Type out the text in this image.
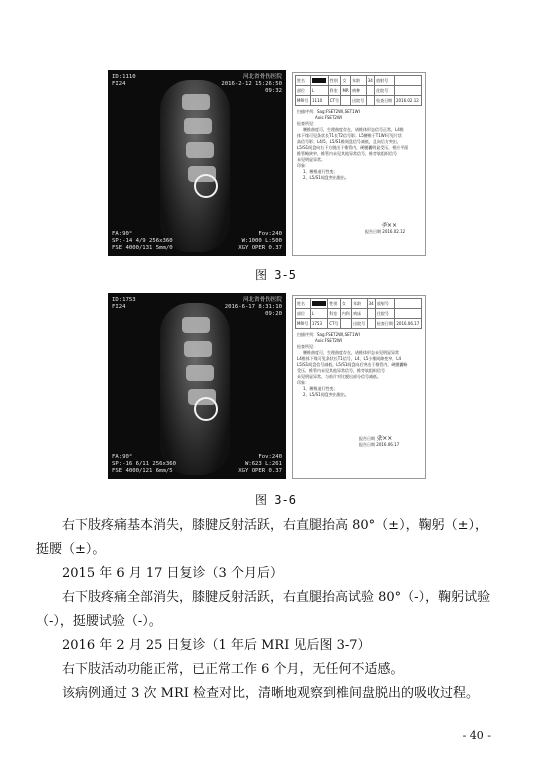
ID:1110
FI24
河北省骨伤医院
2016-2-12 15:26:50
09:32
FA:90°
SP:-14 4/9 256x360
FSE 4000/131 5mm/0
Fov:240
W:1000 L:500
XGY OPER 0.37
姓名		性别	女	年龄	34	放射号	
部位	L	科室	MR	病种		住院号	
MRI号	1110	CT号		出院号		检查日期	2016.02.12
扫描序列：Sag:FSET2WI,SET1WI
Axis:FSET2WI
检查所见：
腰椎曲度可，生理曲度存在，诸椎体形态信号正常，L4椎
体下缘可见条状长T1长T2信号影；L5腰椎于T1WI可见片状
高信号影；L4/5、L5/S1椎间盘信号减低，且向后方突出，
L5/S1间盘向右下方脱出于椎管内，硬膜囊明显受压，相应平面
椎管略狭窄，椎管内未见其他异常信号，椎旁软组织信号
未见明显异常。
印象：
1、腰椎退行性变；
2、L5/S1间盘突出脱出。
李××
报告日期 2016.02.12
图 3-5
ID:1753
FI24
河北省骨伤医院
2016-6-17 8:31:10
09:20
FA:90°
SP:-16 6/11 256x360
FSE 4000/121 6mm/5
Fov:240
W:623 L:261
XGY OPER 0.37
姓名		性别	女	年龄	34	放射号	
部位	L	科室	内科	病床		住院号	
MRI号	1753	CT号		出院号		检查日期	2016.06.17
扫描序列：Sag:FSET2WI,SET1WI
Axis:FSET2WI
检查所见：
腰椎曲度可，生理曲度存在，诸椎体形态未见明显异常
L4椎体下缘可见条状长T1信号，L4、L5小椎间隙变窄，L4
L5/S1间盘信号减低，L5/S1间盘向后突出于椎管内，硬膜囊略
受压，椎管内未见其他异常信号，椎旁软组织信号
未见明显异常，与前片对比脱出部分信号减低。
印象：
1、腰椎退行性变；
2、L5/S1间盘突出脱出。
报告日期 张××
报告日期 2016.06.17
图 3-6
右下肢疼痛基本消失，膝腱反射活跃，右直腿抬高 80°（±），鞠躬（±），挺腰（±）。
2015 年 6 月 17 日复诊（3 个月后）
右下肢疼痛全部消失，膝腱反射活跃，右直腿抬高试验 80°（-），鞠躬试验（-），挺腰试验（-）。
2016 年 2 月 25 日复诊（1 年后 MRI 见后图 3-7）
右下肢活动功能正常，已正常工作 6 个月，无任何不适感。
该病例通过 3 次 MRI 检查对比，清晰地观察到椎间盘脱出的吸收过程。
- 40 -
